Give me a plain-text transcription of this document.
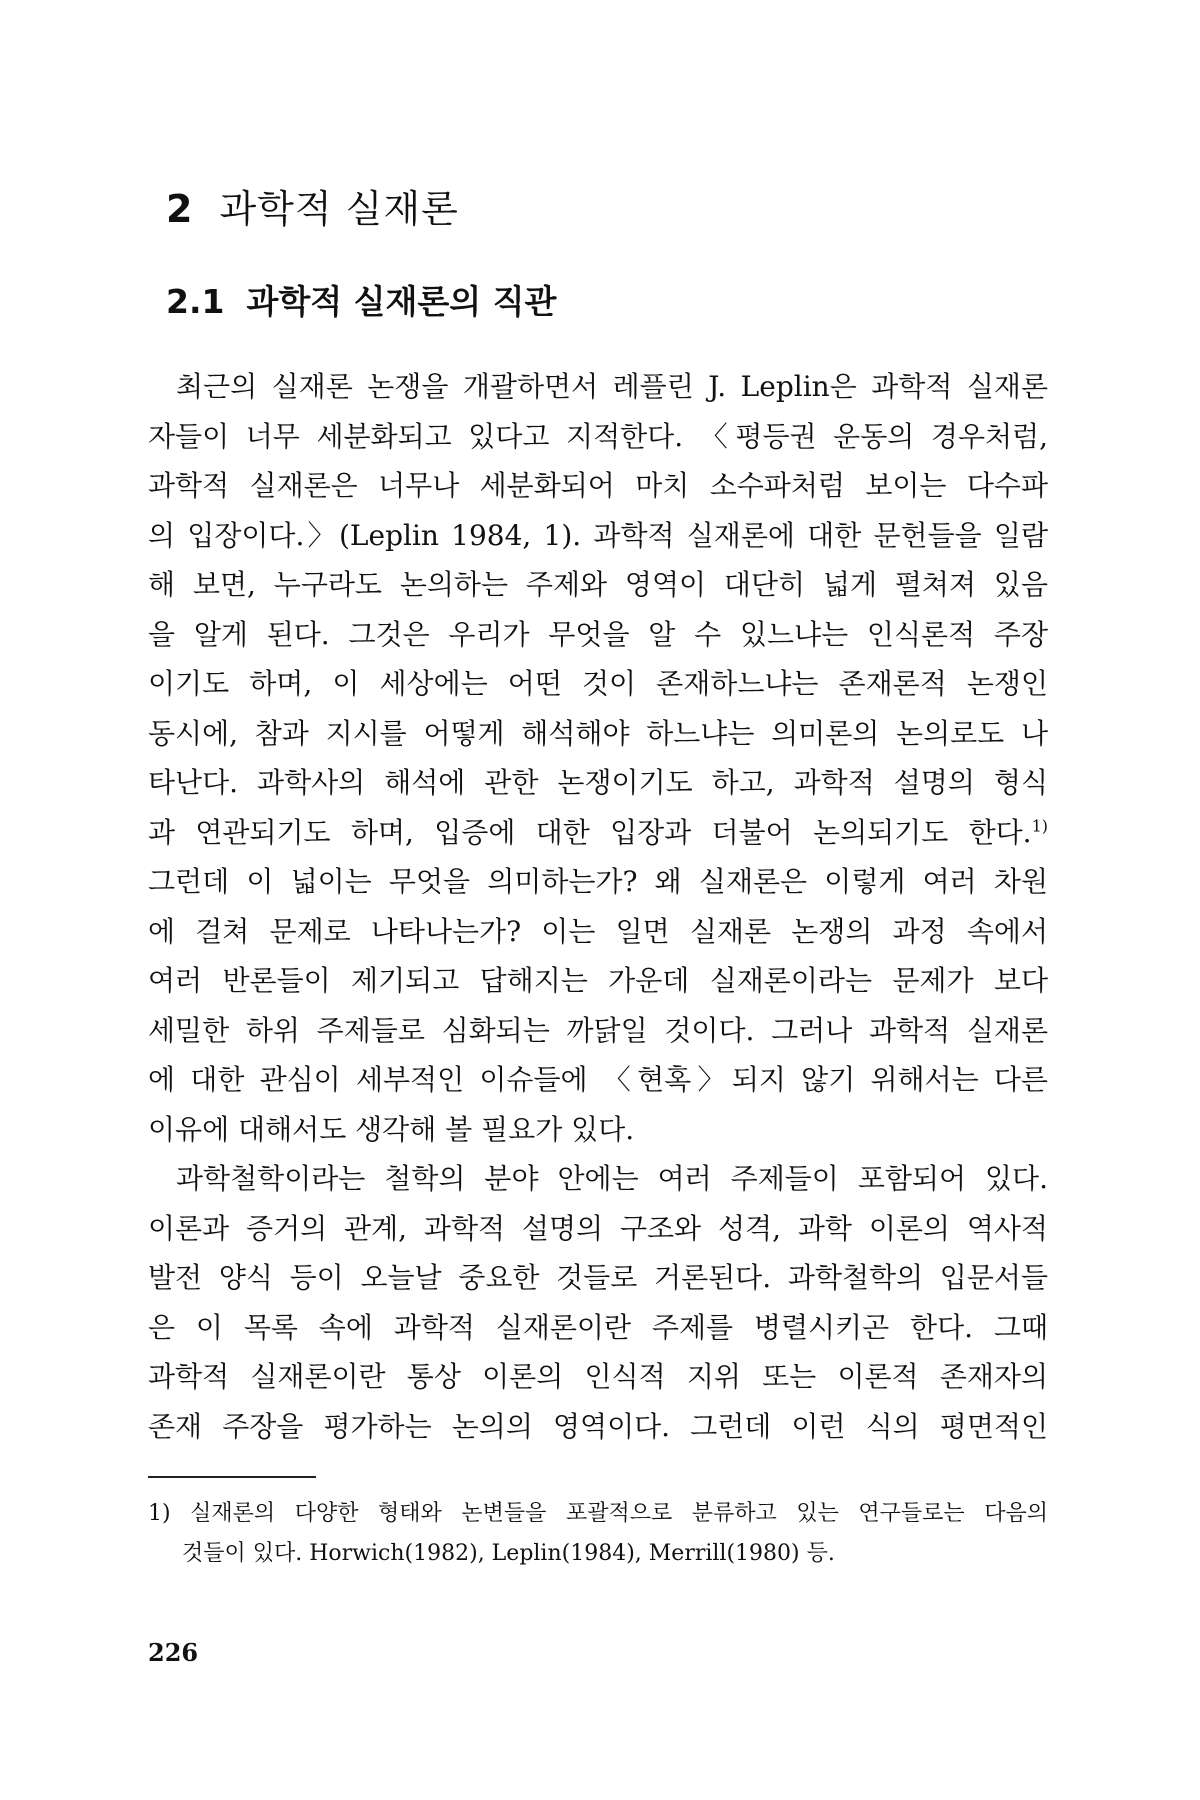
2 과학적 실재론
2.1 과학적 실재론의 직관
최근의 실재론 논쟁을 개괄하면서 레플린 J. Leplin은 과학적 실재론
자들이 너무 세분화되고 있다고 지적한다. 〈평등권 운동의 경우처럼,
과학적 실재론은 너무나 세분화되어 마치 소수파처럼 보이는 다수파
의 입장이다.〉(Leplin 1984, 1). 과학적 실재론에 대한 문헌들을 일람
해 보면, 누구라도 논의하는 주제와 영역이 대단히 넓게 펼쳐져 있음
을 알게 된다. 그것은 우리가 무엇을 알 수 있느냐는 인식론적 주장
이기도 하며, 이 세상에는 어떤 것이 존재하느냐는 존재론적 논쟁인
동시에, 참과 지시를 어떻게 해석해야 하느냐는 의미론의 논의로도 나
타난다. 과학사의 해석에 관한 논쟁이기도 하고, 과학적 설명의 형식
과 연관되기도 하며, 입증에 대한 입장과 더불어 논의되기도 한다.$^{1)}$
그런데 이 넓이는 무엇을 의미하는가? 왜 실재론은 이렇게 여러 차원
에 걸쳐 문제로 나타나는가? 이는 일면 실재론 논쟁의 과정 속에서
여러 반론들이 제기되고 답해지는 가운데 실재론이라는 문제가 보다
세밀한 하위 주제들로 심화되는 까닭일 것이다. 그러나 과학적 실재론
에 대한 관심이 세부적인 이슈들에 〈현혹〉되지 않기 위해서는 다른
이유에 대해서도 생각해 볼 필요가 있다.
과학철학이라는 철학의 분야 안에는 여러 주제들이 포함되어 있다.
이론과 증거의 관계, 과학적 설명의 구조와 성격, 과학 이론의 역사적
발전 양식 등이 오늘날 중요한 것들로 거론된다. 과학철학의 입문서들
은 이 목록 속에 과학적 실재론이란 주제를 병렬시키곤 한다. 그때
과학적 실재론이란 통상 이론의 인식적 지위 또는 이론적 존재자의
존재 주장을 평가하는 논의의 영역이다. 그런데 이런 식의 평면적인
1) 실재론의 다양한 형태와 논변들을 포괄적으로 분류하고 있는 연구들로는 다음의
것들이 있다. Horwich(1982), Leplin(1984), Merrill(1980) 등.
226
